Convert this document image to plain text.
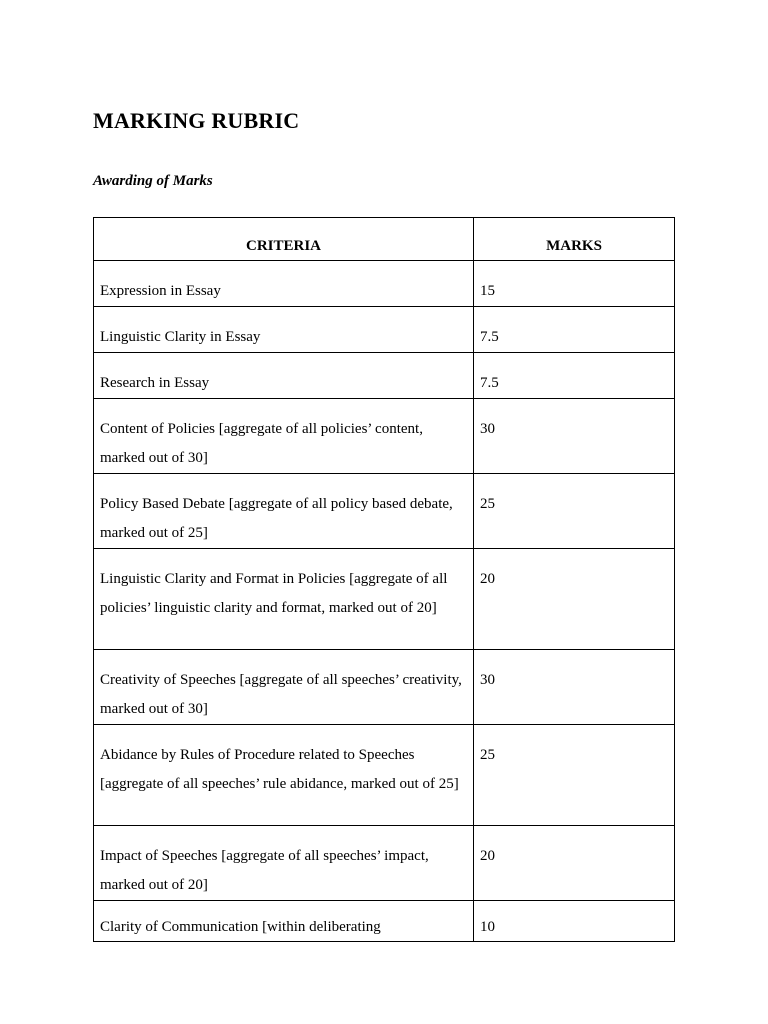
MARKING RUBRIC

Awarding of Marks

CRITERIA	MARKS
Expression in Essay	15
Linguistic Clarity in Essay	7.5
Research in Essay	7.5
Content of Policies [aggregate of all policies’ content, marked out of 30]	30
Policy Based Debate [aggregate of all policy based debate, marked out of 25]	25
Linguistic Clarity and Format in Policies [aggregate of all policies’ linguistic clarity and format, marked out of 20]	20
Creativity of Speeches [aggregate of all speeches’ creativity, marked out of 30]	30
Abidance by Rules of Procedure related to Speeches [aggregate of all speeches’ rule abidance, marked out of 25]	25
Impact of Speeches [aggregate of all speeches’ impact, marked out of 20]	20
Clarity of Communication [within deliberating	10
